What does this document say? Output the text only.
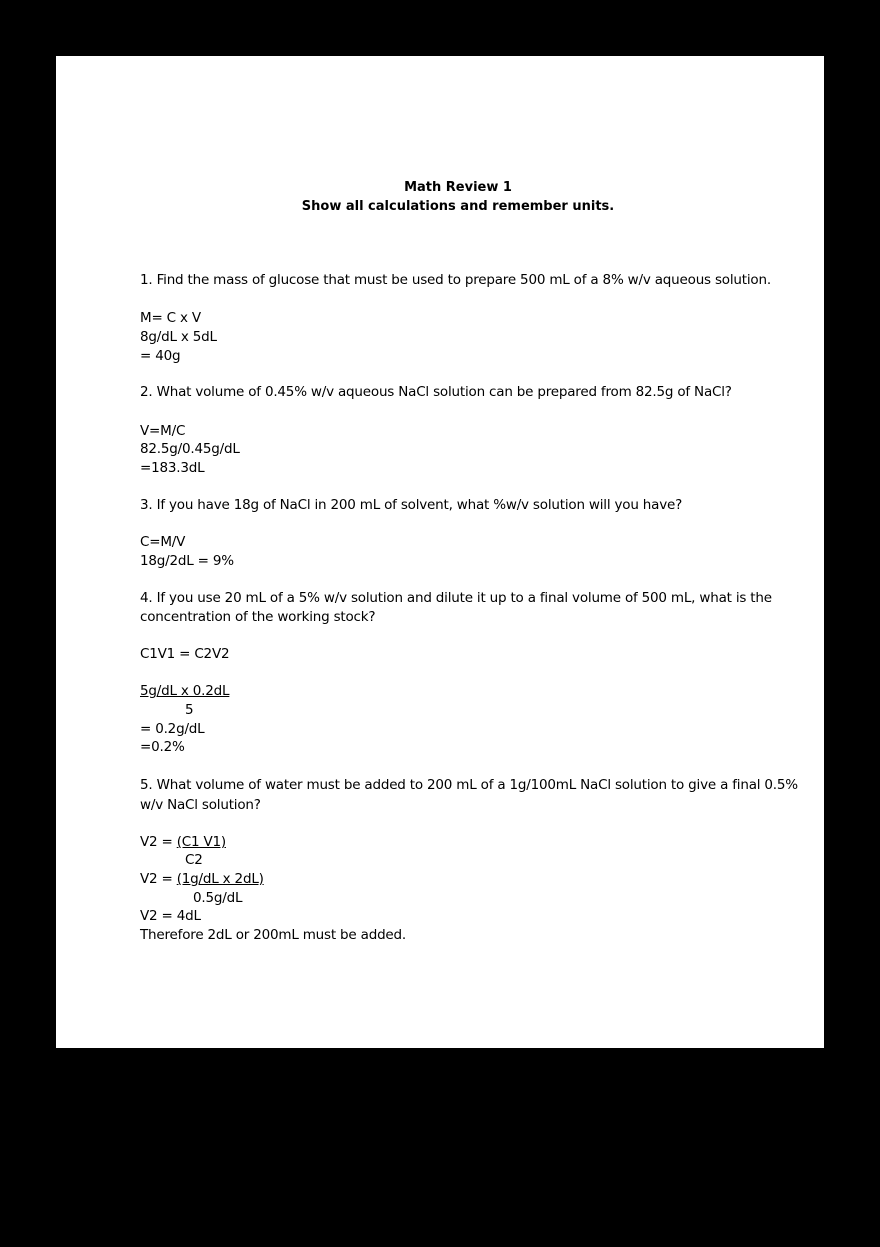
Math Review 1
Show all calculations and remember units.
1. Find the mass of glucose that must be used to prepare 500 mL of a 8% w/v aqueous solution.
M= C x V
8g/dL x 5dL
= 40g
2. What volume of 0.45% w/v aqueous NaCl solution can be prepared from 82.5g of NaCl?
V=M/C
82.5g/0.45g/dL
=183.3dL
3. If you have 18g of NaCl in 200 mL of solvent, what %w/v solution will you have?
C=M/V
18g/2dL = 9%
4. If you use 20 mL of a 5% w/v solution and dilute it up to a final volume of 500 mL, what is the
concentration of the working stock?
C1V1 = C2V2
5g/dL x 0.2dL
5
= 0.2g/dL
=0.2%
5. What volume of water must be added to 200 mL of a 1g/100mL NaCl solution to give a final 0.5%
w/v NaCl solution?
V2 = (C1 V1)
C2
V2 = (1g/dL x 2dL)
0.5g/dL
V2 = 4dL
Therefore 2dL or 200mL must be added.
